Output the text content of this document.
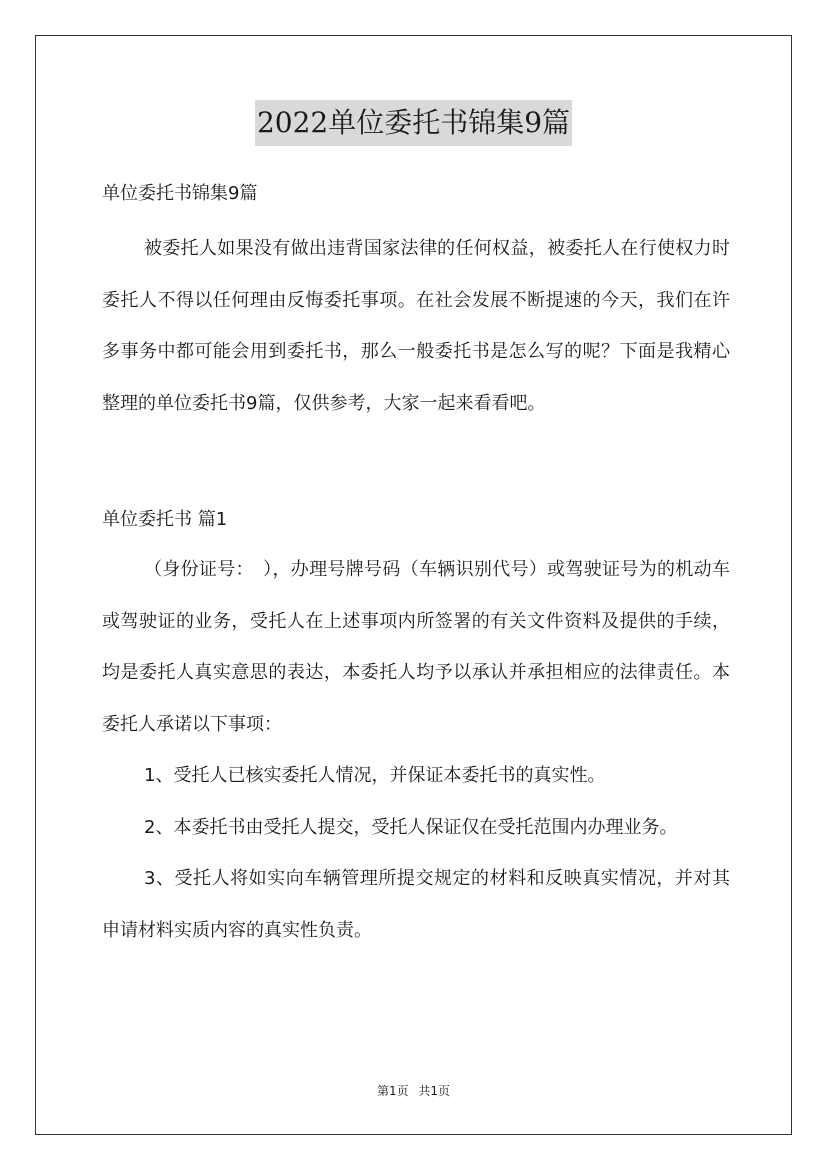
2022单位委托书锦集9篇

单位委托书锦集9篇

被委托人如果没有做出违背国家法律的任何权益，被委托人在行使权力时委托人不得以任何理由反悔委托事项。在社会发展不断提速的今天，我们在许多事务中都可能会用到委托书，那么一般委托书是怎么写的呢？下面是我精心整理的单位委托书9篇，仅供参考，大家一起来看看吧。

单位委托书 篇1

（身份证号：　），办理号牌号码（车辆识别代号）或驾驶证号为的机动车或驾驶证的业务，受托人在上述事项内所签署的有关文件资料及提供的手续，均是委托人真实意思的表达，本委托人均予以承认并承担相应的法律责任。本委托人承诺以下事项：

1、受托人已核实委托人情况，并保证本委托书的真实性。

2、本委托书由受托人提交，受托人保证仅在受托范围内办理业务。

3、受托人将如实向车辆管理所提交规定的材料和反映真实情况，并对其申请材料实质内容的真实性负责。

第1页 共1页
